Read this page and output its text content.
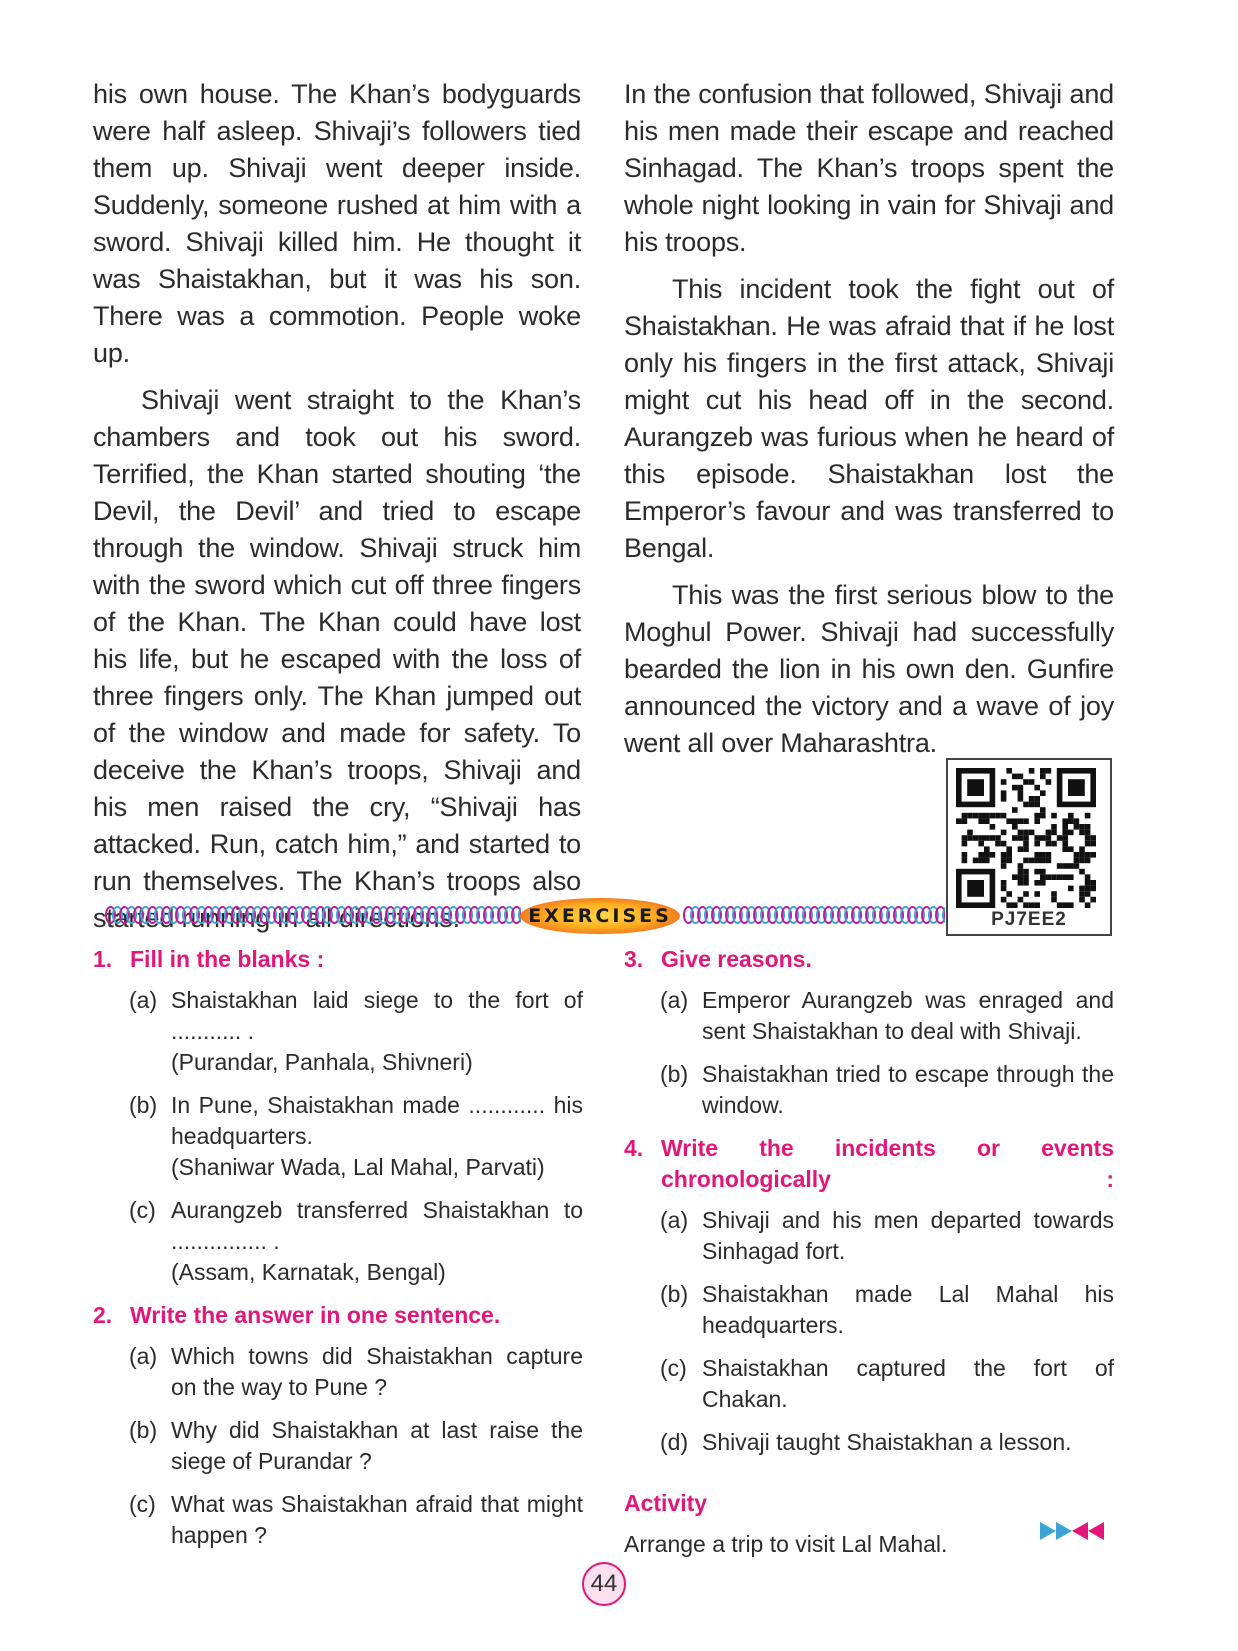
his own house. The Khan’s bodyguards were half asleep. Shivaji’s followers tied them up. Shivaji went deeper inside. Suddenly, someone rushed at him with a sword. Shivaji killed him. He thought it was Shaistakhan, but it was his son. There was a commotion. People woke up.

Shivaji went straight to the Khan’s chambers and took out his sword. Terrified, the Khan started shouting ‘the Devil, the Devil’ and tried to escape through the window. Shivaji struck him with the sword which cut off three fingers of the Khan. The Khan could have lost his life, but he escaped with the loss of three fingers only. The Khan jumped out of the window and made for safety. To deceive the Khan’s troops, Shivaji and his men raised the cry, “Shivaji has attacked. Run, catch him,” and started to run themselves. The Khan’s troops also started running in all directions.

In the confusion that followed, Shivaji and his men made their escape and reached Sinhagad. The Khan’s troops spent the whole night looking in vain for Shivaji and his troops.

This incident took the fight out of Shaistakhan. He was afraid that if he lost only his fingers in the first attack, Shivaji might cut his head off in the second. Aurangzeb was furious when he heard of this episode. Shaistakhan lost the Emperor’s favour and was transferred to Bengal.

This was the first serious blow to the Moghul Power. Shivaji had successfully bearded the lion in his own den. Gunfire announced the victory and a wave of joy went all over Maharashtra.

PJ7EE2
EXERCISES
1. Fill in the blanks :
(a) Shaistakhan laid siege to the fort of ........... .
(Purandar, Panhala, Shivneri)
(b) In Pune, Shaistakhan made ............ his headquarters.
(Shaniwar Wada, Lal Mahal, Parvati)
(c) Aurangzeb transferred Shaistakhan to ............... .
(Assam, Karnatak, Bengal)
2. Write the answer in one sentence.
(a) Which towns did Shaistakhan capture on the way to Pune ?
(b) Why did Shaistakhan at last raise the siege of Purandar ?
(c) What was Shaistakhan afraid that might happen ?
3. Give reasons.
(a) Emperor Aurangzeb was enraged and sent Shaistakhan to deal with Shivaji.
(b) Shaistakhan tried to escape through the window.
4. Write the incidents or events chronologically :
(a) Shivaji and his men departed towards Sinhagad fort.
(b) Shaistakhan made Lal Mahal his headquarters.
(c) Shaistakhan captured the fort of Chakan.
(d) Shivaji taught Shaistakhan a lesson.
Activity

Arrange a trip to visit Lal Mahal.

44
